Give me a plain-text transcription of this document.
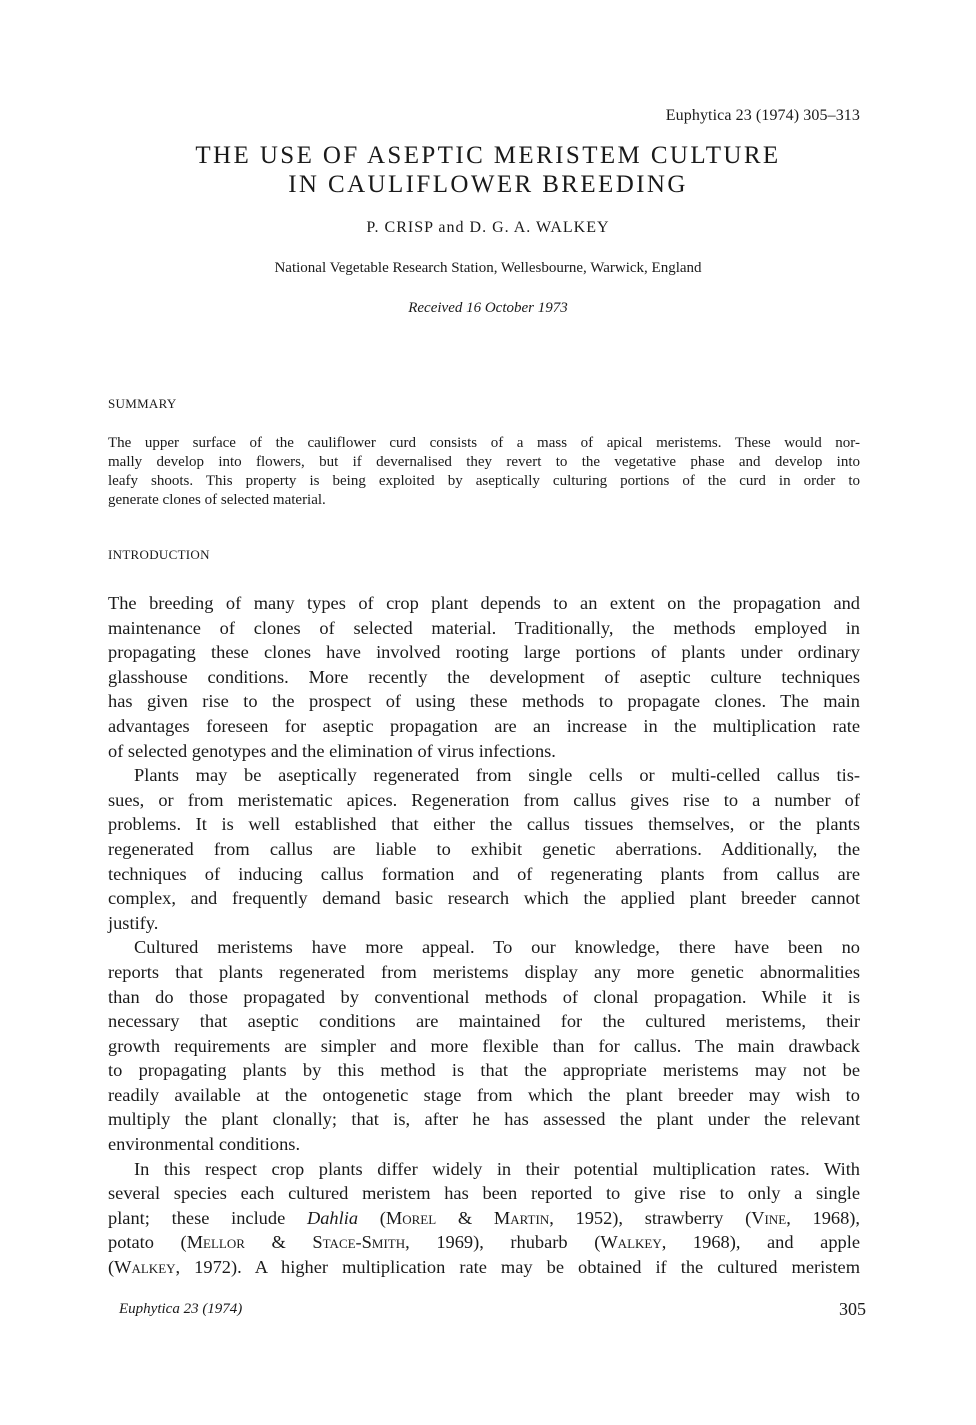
Euphytica 23 (1974) 305–313
THE USE OF ASEPTIC MERISTEM CULTURE
IN CAULIFLOWER BREEDING
P. CRISP and D. G. A. WALKEY
National Vegetable Research Station, Wellesbourne, Warwick, England
Received 16 October 1973
SUMMARY
The upper surface of the cauliflower curd consists of a mass of apical meristems. These would nor-
mally develop into flowers, but if devernalised they revert to the vegetative phase and develop into
leafy shoots. This property is being exploited by aseptically culturing portions of the curd in order to
generate clones of selected material.
INTRODUCTION
The breeding of many types of crop plant depends to an extent on the propagation and
maintenance of clones of selected material. Traditionally, the methods employed in
propagating these clones have involved rooting large portions of plants under ordinary
glasshouse conditions. More recently the development of aseptic culture techniques
has given rise to the prospect of using these methods to propagate clones. The main
advantages foreseen for aseptic propagation are an increase in the multiplication rate
of selected genotypes and the elimination of virus infections.
Plants may be aseptically regenerated from single cells or multi-celled callus tis-
sues, or from meristematic apices. Regeneration from callus gives rise to a number of
problems. It is well established that either the callus tissues themselves, or the plants
regenerated from callus are liable to exhibit genetic aberrations. Additionally, the
techniques of inducing callus formation and of regenerating plants from callus are
complex, and frequently demand basic research which the applied plant breeder cannot
justify.
Cultured meristems have more appeal. To our knowledge, there have been no
reports that plants regenerated from meristems display any more genetic abnormalities
than do those propagated by conventional methods of clonal propagation. While it is
necessary that aseptic conditions are maintained for the cultured meristems, their
growth requirements are simpler and more flexible than for callus. The main drawback
to propagating plants by this method is that the appropriate meristems may not be
readily available at the ontogenetic stage from which the plant breeder may wish to
multiply the plant clonally; that is, after he has assessed the plant under the relevant
environmental conditions.
In this respect crop plants differ widely in their potential multiplication rates. With
several species each cultured meristem has been reported to give rise to only a single
plant; these include Dahlia (Morel & Martin, 1952), strawberry (Vine, 1968),
potato (Mellor & Stace-Smith, 1969), rhubarb (Walkey, 1968), and apple
(Walkey, 1972). A higher multiplication rate may be obtained if the cultured meristem
Euphytica 23 (1974)	305
